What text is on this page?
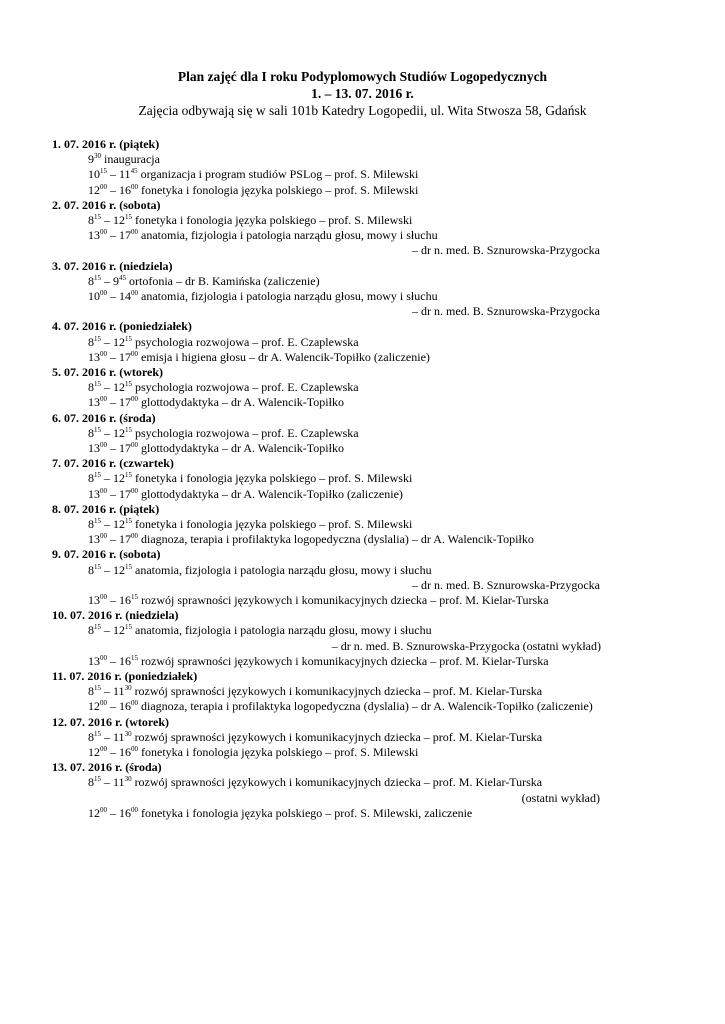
Plan zajęć dla I roku Podyplomowych Studiów Logopedycznych
1. – 13. 07. 2016 r.
Zajęcia odbywają się w sali 101b Katedry Logopedii, ul. Wita Stwosza 58, Gdańsk
1. 07. 2016 r. (piątek)
$9^{30}$ inauguracja
$10^{15} - 11^{45}$ organizacja i program studiów PSLog – prof. S. Milewski
$12^{00} - 16^{00}$ fonetyka i fonologia języka polskiego – prof. S. Milewski
2. 07. 2016 r. (sobota)
$8^{15} - 12^{15}$ fonetyka i fonologia języka polskiego – prof. S. Milewski
$13^{00} - 17^{00}$ anatomia, fizjologia i patologia narządu głosu, mowy i słuchu
– dr n. med. B. Sznurowska-Przygocka
3. 07. 2016 r. (niedziela)
$8^{15} - 9^{45}$ ortofonia – dr B. Kamińska (zaliczenie)
$10^{00} - 14^{00}$ anatomia, fizjologia i patologia narządu głosu, mowy i słuchu
– dr n. med. B. Sznurowska-Przygocka
4. 07. 2016 r. (poniedziałek)
$8^{15} - 12^{15}$ psychologia rozwojowa – prof. E. Czaplewska
$13^{00} - 17^{00}$ emisja i higiena głosu – dr A. Walencik-Topiłko (zaliczenie)
5. 07. 2016 r. (wtorek)
$8^{15} - 12^{15}$ psychologia rozwojowa – prof. E. Czaplewska
$13^{00} - 17^{00}$ glottodydaktyka – dr A. Walencik-Topiłko
6. 07. 2016 r. (środa)
$8^{15} - 12^{15}$ psychologia rozwojowa – prof. E. Czaplewska
$13^{00} - 17^{00}$ glottodydaktyka – dr A. Walencik-Topiłko
7. 07. 2016 r. (czwartek)
$8^{15} - 12^{15}$ fonetyka i fonologia języka polskiego – prof. S. Milewski
$13^{00} - 17^{00}$ glottodydaktyka – dr A. Walencik-Topiłko (zaliczenie)
8. 07. 2016 r. (piątek)
$8^{15} - 12^{15}$ fonetyka i fonologia języka polskiego – prof. S. Milewski
$13^{00} - 17^{00}$ diagnoza, terapia i profilaktyka logopedyczna (dyslalia) – dr A. Walencik-Topiłko
9. 07. 2016 r. (sobota)
$8^{15} - 12^{15}$ anatomia, fizjologia i patologia narządu głosu, mowy i słuchu
– dr n. med. B. Sznurowska-Przygocka
$13^{00} - 16^{15}$ rozwój sprawności językowych i komunikacyjnych dziecka – prof. M. Kielar-Turska
10. 07. 2016 r. (niedziela)
$8^{15} - 12^{15}$ anatomia, fizjologia i patologia narządu głosu, mowy i słuchu
– dr n. med. B. Sznurowska-Przygocka (ostatni wykład)
$13^{00} - 16^{15}$ rozwój sprawności językowych i komunikacyjnych dziecka – prof. M. Kielar-Turska
11. 07. 2016 r. (poniedziałek)
$8^{15} - 11^{30}$ rozwój sprawności językowych i komunikacyjnych dziecka – prof. M. Kielar-Turska
$12^{00} - 16^{00}$ diagnoza, terapia i profilaktyka logopedyczna (dyslalia) – dr A. Walencik-Topiłko (zaliczenie)
12. 07. 2016 r. (wtorek)
$8^{15} - 11^{30}$ rozwój sprawności językowych i komunikacyjnych dziecka – prof. M. Kielar-Turska
$12^{00} - 16^{00}$ fonetyka i fonologia języka polskiego – prof. S. Milewski
13. 07. 2016 r. (środa)
$8^{15} - 11^{30}$ rozwój sprawności językowych i komunikacyjnych dziecka – prof. M. Kielar-Turska
(ostatni wykład)
$12^{00} - 16^{00}$ fonetyka i fonologia języka polskiego – prof. S. Milewski, zaliczenie
